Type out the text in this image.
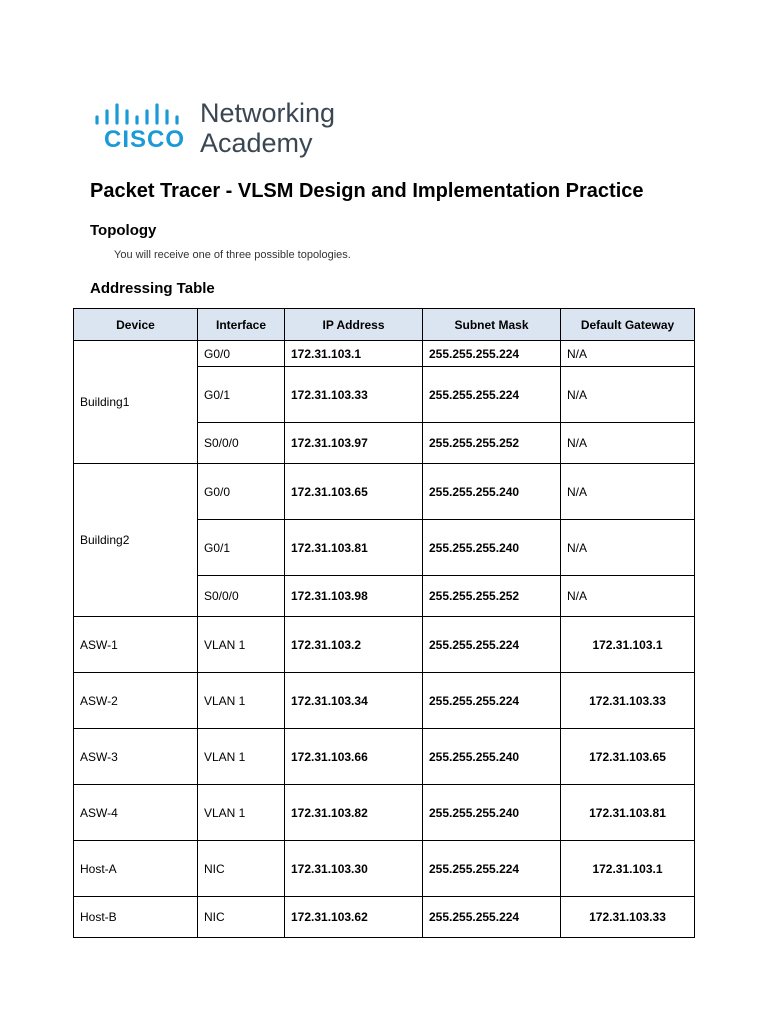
CISCO
Networking
Academy
Packet Tracer - VLSM Design and Implementation Practice
Topology

You will receive one of three possible topologies.

Addressing Table
Device	Interface	IP Address	Subnet Mask	Default Gateway
Building1	G0/0	172.31.103.1	255.255.255.224	N/A
	G0/1	172.31.103.33	255.255.255.224	N/A
	S0/0/0	172.31.103.97	255.255.255.252	N/A
Building2	G0/0	172.31.103.65	255.255.255.240	N/A
	G0/1	172.31.103.81	255.255.255.240	N/A
	S0/0/0	172.31.103.98	255.255.255.252	N/A
ASW-1	VLAN 1	172.31.103.2	255.255.255.224	172.31.103.1
ASW-2	VLAN 1	172.31.103.34	255.255.255.224	172.31.103.33
ASW-3	VLAN 1	172.31.103.66	255.255.255.240	172.31.103.65
ASW-4	VLAN 1	172.31.103.82	255.255.255.240	172.31.103.81
Host-A	NIC	172.31.103.30	255.255.255.224	172.31.103.1
Host-B	NIC	172.31.103.62	255.255.255.224	172.31.103.33
